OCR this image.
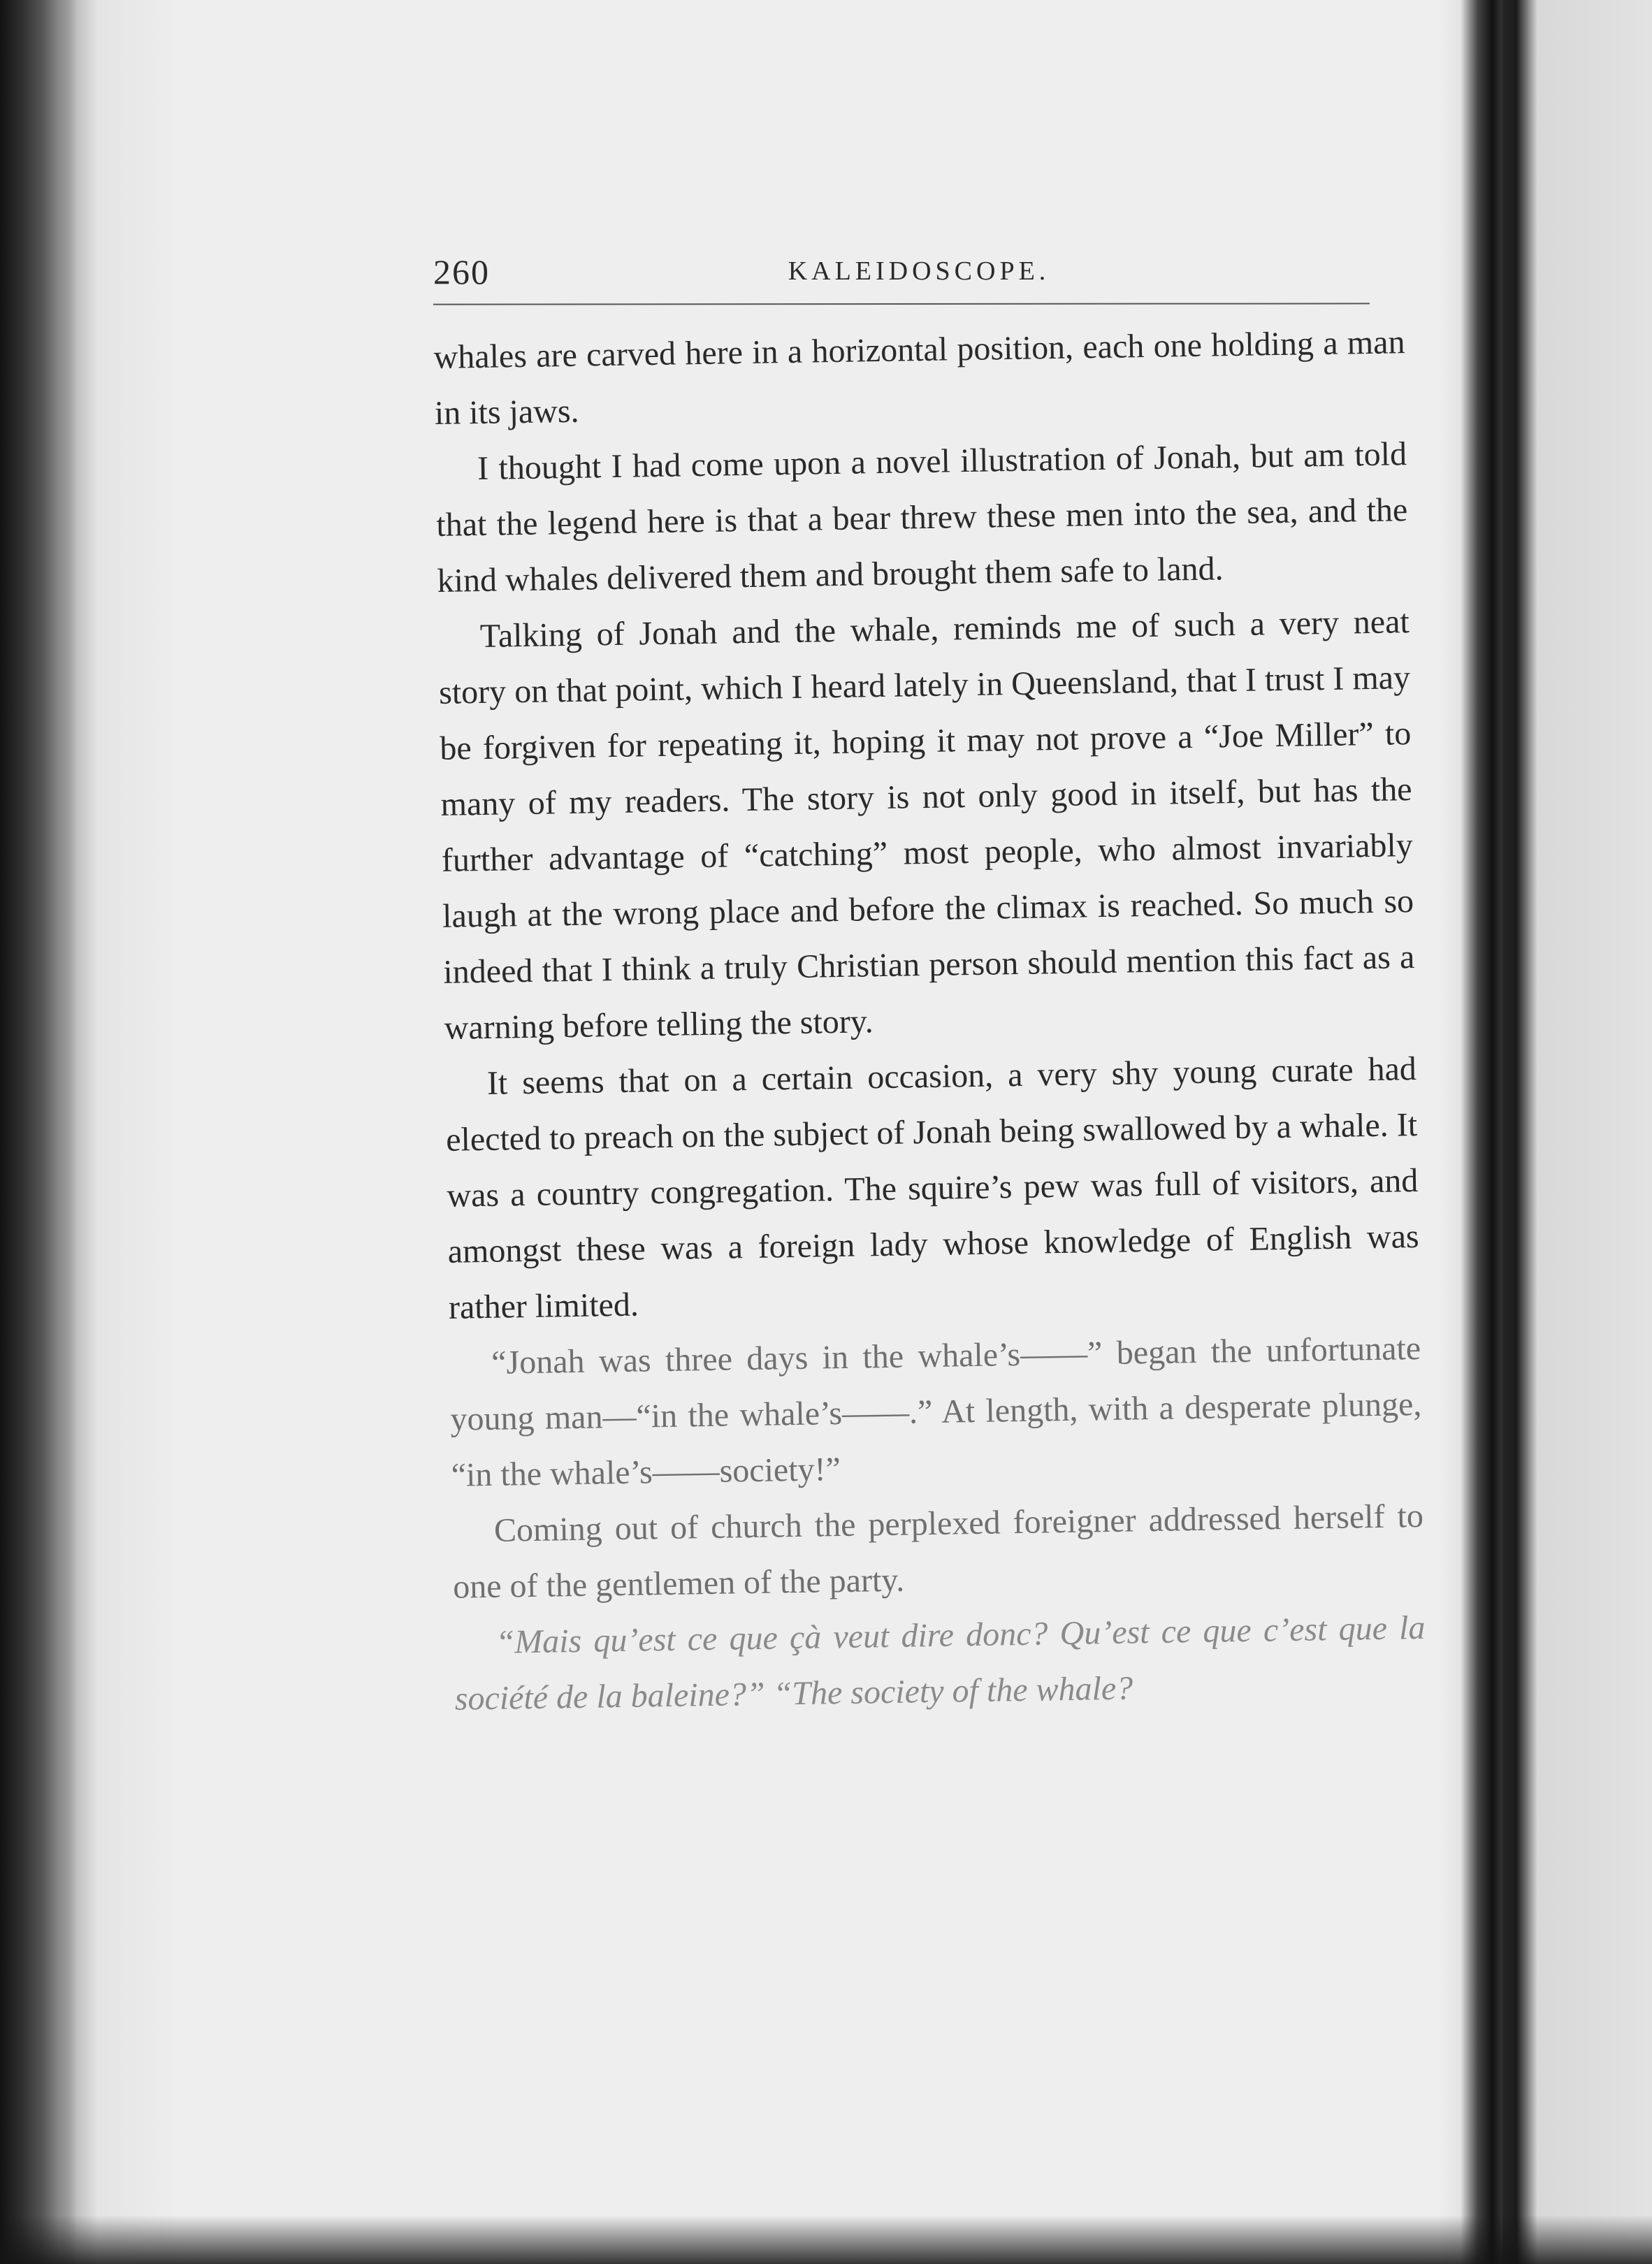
260	KALEIDOSCOPE.

whales are carved here in a horizontal position, each one holding a man in its jaws.

I thought I had come upon a novel illustration of Jonah, but am told that the legend here is that a bear threw these men into the sea, and the kind whales delivered them and brought them safe to land.

Talking of Jonah and the whale, reminds me of such a very neat story on that point, which I heard lately in Queensland, that I trust I may be forgiven for repeating it, hoping it may not prove a “Joe Miller” to many of my readers. The story is not only good in itself, but has the further advantage of “catching” most people, who almost invariably laugh at the wrong place and before the climax is reached. So much so indeed that I think a truly Christian person should mention this fact as a warning before telling the story.

It seems that on a certain occasion, a very shy young curate had elected to preach on the subject of Jonah being swallowed by a whale. It was a country congregation. The squire’s pew was full of visitors, and amongst these was a foreign lady whose knowledge of English was rather limited.

“Jonah was three days in the whale’s——” began the unfortunate young man—“in the whale’s——.” At length, with a desperate plunge, “in the whale’s——society!”

Coming out of church the perplexed foreigner addressed herself to one of the gentlemen of the party.

“Mais qu’est ce que çà veut dire donc? Qu’est ce que c’est que la société de la baleine?” “The society of the whale?
